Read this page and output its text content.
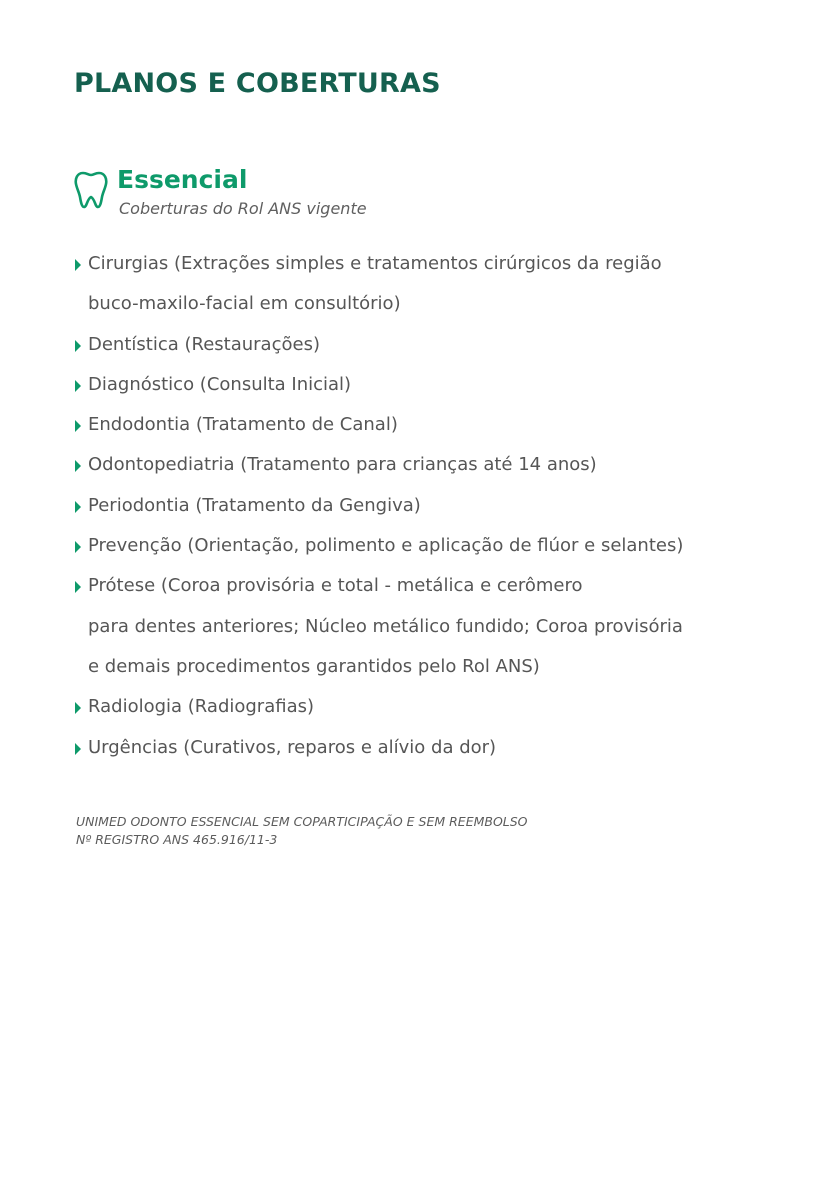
PLANOS E COBERTURAS
Essencial
Coberturas do Rol ANS vigente
Cirurgias (Extrações simples e tratamentos cirúrgicos da região
buco-maxilo-facial em consultório)
Dentística (Restaurações)
Diagnóstico (Consulta Inicial)
Endodontia (Tratamento de Canal)
Odontopediatria (Tratamento para crianças até 14 anos)
Periodontia (Tratamento da Gengiva)
Prevenção (Orientação, polimento e aplicação de flúor e selantes)
Prótese (Coroa provisória e total - metálica e cerômero
para dentes anteriores; Núcleo metálico fundido; Coroa provisória
e demais procedimentos garantidos pelo Rol ANS)
Radiologia (Radiografias)
Urgências (Curativos, reparos e alívio da dor)
UNIMED ODONTO ESSENCIAL SEM COPARTICIPAÇÃO E SEM REEMBOLSO
Nº REGISTRO ANS 465.916/11-3
